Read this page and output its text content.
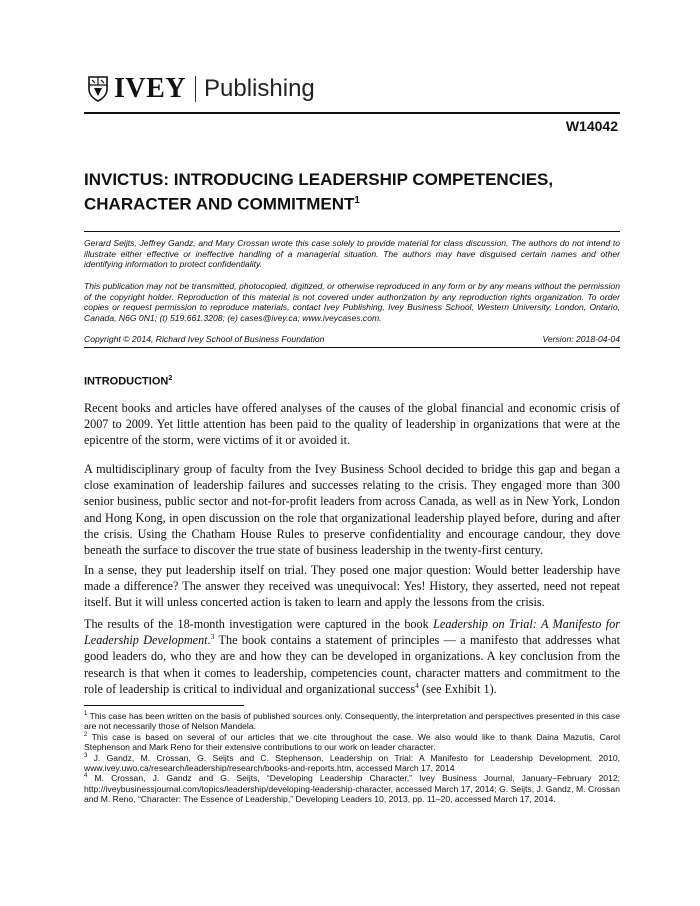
IVEY Publishing
W14042
INVICTUS: INTRODUCING LEADERSHIP COMPETENCIES,
CHARACTER AND COMMITMENT$^1$

Gerard Seijts, Jeffrey Gandz, and Mary Crossan wrote this case solely to provide material for class discussion. The authors do not intend to illustrate either effective or ineffective handling of a managerial situation. The authors may have disguised certain names and other identifying information to protect confidentiality.

This publication may not be transmitted, photocopied, digitized, or otherwise reproduced in any form or by any means without the permission of the copyright holder. Reproduction of this material is not covered under authorization by any reproduction rights organization. To order copies or request permission to reproduce materials, contact Ivey Publishing, Ivey Business School, Western University, London, Ontario, Canada, N6G 0N1; (t) 519.661.3208; (e) cases@ivey.ca; www.iveycases.com.

Copyright © 2014, Richard Ivey School of Business Foundation	Version: 2018-04-04
INTRODUCTION$^2$

Recent books and articles have offered analyses of the causes of the global financial and economic crisis of 2007 to 2009. Yet little attention has been paid to the quality of leadership in organizations that were at the epicentre of the storm, were victims of it or avoided it.

A multidisciplinary group of faculty from the Ivey Business School decided to bridge this gap and began a close examination of leadership failures and successes relating to the crisis. They engaged more than 300 senior business, public sector and not-for-profit leaders from across Canada, as well as in New York, London and Hong Kong, in open discussion on the role that organizational leadership played before, during and after the crisis. Using the Chatham House Rules to preserve confidentiality and encourage candour, they dove beneath the surface to discover the true state of business leadership in the twenty-first century.

In a sense, they put leadership itself on trial. They posed one major question: Would better leadership have made a difference? The answer they received was unequivocal: Yes! History, they asserted, need not repeat itself. But it will unless concerted action is taken to learn and apply the lessons from the crisis.

The results of the 18-month investigation were captured in the book Leadership on Trial: A Manifesto for Leadership Development.$^3$ The book contains a statement of principles — a manifesto that addresses what good leaders do, who they are and how they can be developed in organizations. A key conclusion from the research is that when it comes to leadership, competencies count, character matters and commitment to the role of leadership is critical to individual and organizational success$^4$ (see Exhibit 1).

$^1$ This case has been written on the basis of published sources only. Consequently, the interpretation and perspectives presented in this case are not necessarily those of Nelson Mandela.

$^2$ This case is based on several of our articles that we cite throughout the case. We also would like to thank Daina Mazutis, Carol Stephenson and Mark Reno for their extensive contributions to our work on leader character.

$^3$ J. Gandz, M. Crossan, G. Seijts and C. Stephenson, Leadership on Trial: A Manifesto for Leadership Development, 2010, www.ivey.uwo.ca/research/leadership/research/books-and-reports.htm, accessed March 17, 2014

$^4$ M. Crossan, J. Gandz and G. Seijts, “Developing Leadership Character,” Ivey Business Journal, January–February 2012; http://iveybusinessjournal.com/topics/leadership/developing-leadership-character, accessed March 17, 2014; G. Seijts, J. Gandz, M. Crossan and M. Reno, “Character: The Essence of Leadership,” Developing Leaders 10, 2013, pp. 11–20, accessed March 17, 2014.
